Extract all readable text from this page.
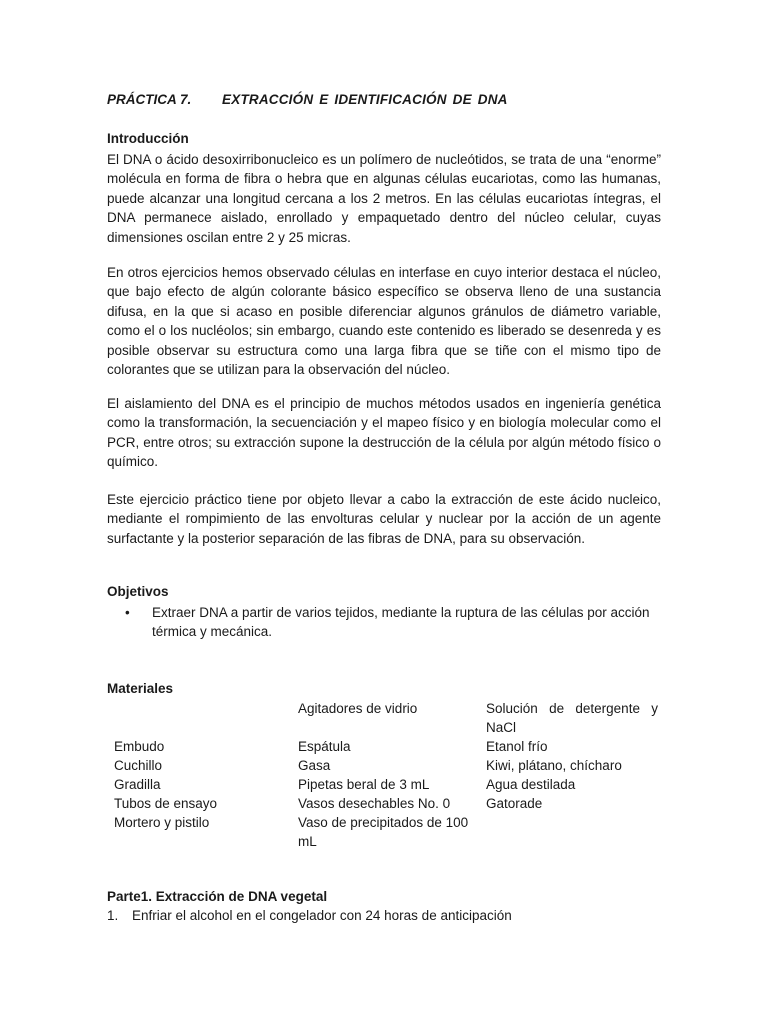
PRÁCTICA 7. EXTRACCIÓN E IDENTIFICACIÓN DE DNA
Introducción

El DNA o ácido desoxirribonucleico es un polímero de nucleótidos, se trata de una “enorme” molécula en forma de fibra o hebra que en algunas células eucariotas, como las humanas, puede alcanzar una longitud cercana a los 2 metros. En las células eucariotas íntegras, el DNA permanece aislado, enrollado y empaquetado dentro del núcleo celular, cuyas dimensiones oscilan entre 2 y 25 micras.

En otros ejercicios hemos observado células en interfase en cuyo interior destaca el núcleo, que bajo efecto de algún colorante básico específico se observa lleno de una sustancia difusa, en la que si acaso en posible diferenciar algunos gránulos de diámetro variable, como el o los nucléolos; sin embargo, cuando este contenido es liberado se desenreda y es posible observar su estructura como una larga fibra que se tiñe con el mismo tipo de colorantes que se utilizan para la observación del núcleo.

El aislamiento del DNA es el principio de muchos métodos usados en ingeniería genética como la transformación, la secuenciación y el mapeo físico y en biología molecular como el PCR, entre otros; su extracción supone la destrucción de la célula por algún método físico o químico.

Este ejercicio práctico tiene por objeto llevar a cabo la extracción de este ácido nucleico, mediante el rompimiento de las envolturas celular y nuclear por la acción de un agente surfactante y la posterior separación de las fibras de DNA, para su observación.

Objetivos
• Extraer DNA a partir de varios tejidos, mediante la ruptura de las células por acción térmica y mecánica.
Materiales
Embudo
Cuchillo
Gradilla
Tubos de ensayo
Mortero y pistilo
Agitadores de vidrio
Espátula
Gasa
Pipetas beral de 3 mL
Vasos desechables No. 0
Vaso de precipitados de 100 mL
Solución de detergente y NaCl
Etanol frío
Kiwi, plátano, chícharo
Agua destilada
Gatorade
Parte1. Extracción de DNA vegetal
1. Enfriar el alcohol en el congelador con 24 horas de anticipación
